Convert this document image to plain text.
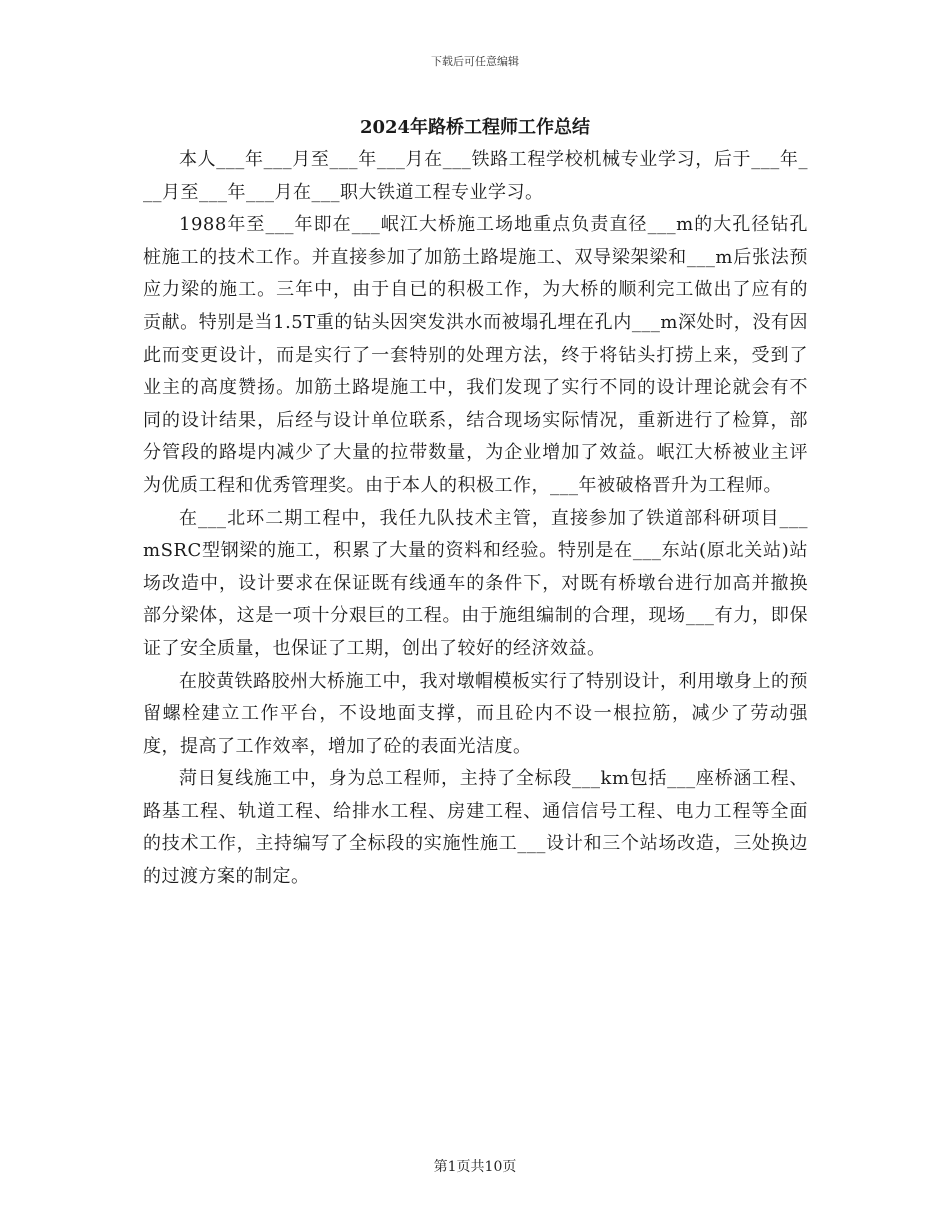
下载后可任意编辑
2024年路桥工程师工作总结

本人___年___月至___年___月在___铁路工程学校机械专业学习，后于___年___月至___年___月在___职大铁道工程专业学习。

1988年至___年即在___岷江大桥施工场地重点负责直径___m的大孔径钻孔桩施工的技术工作。并直接参加了加筋土路堤施工、双导梁架梁和___m后张法预应力梁的施工。三年中，由于自已的积极工作，为大桥的顺利完工做出了应有的贡献。特别是当1.5T重的钻头因突发洪水而被塌孔埋在孔内___m深处时，没有因此而变更设计，而是实行了一套特别的处理方法，终于将钻头打捞上来，受到了业主的高度赞扬。加筋土路堤施工中，我们发现了实行不同的设计理论就会有不同的设计结果，后经与设计单位联系，结合现场实际情况，重新进行了检算，部分管段的路堤内减少了大量的拉带数量，为企业增加了效益。岷江大桥被业主评为优质工程和优秀管理奖。由于本人的积极工作，___年被破格晋升为工程师。

在___北环二期工程中，我任九队技术主管，直接参加了铁道部科研项目___mSRC型钢梁的施工，积累了大量的资料和经验。特别是在___东站(原北关站)站场改造中，设计要求在保证既有线通车的条件下，对既有桥墩台进行加高并撤换部分梁体，这是一项十分艰巨的工程。由于施组编制的合理，现场___有力，即保证了安全质量，也保证了工期，创出了较好的经济效益。

在胶黄铁路胶州大桥施工中，我对墩帽模板实行了特别设计，利用墩身上的预留螺栓建立工作平台，不设地面支撑，而且砼内不设一根拉筋，减少了劳动强度，提高了工作效率，增加了砼的表面光洁度。

菏日复线施工中，身为总工程师，主持了全标段___km包括___座桥涵工程、路基工程、轨道工程、给排水工程、房建工程、通信信号工程、电力工程等全面的技术工作，主持编写了全标段的实施性施工___设计和三个站场改造，三处换边的过渡方案的制定。

第1页共10页
